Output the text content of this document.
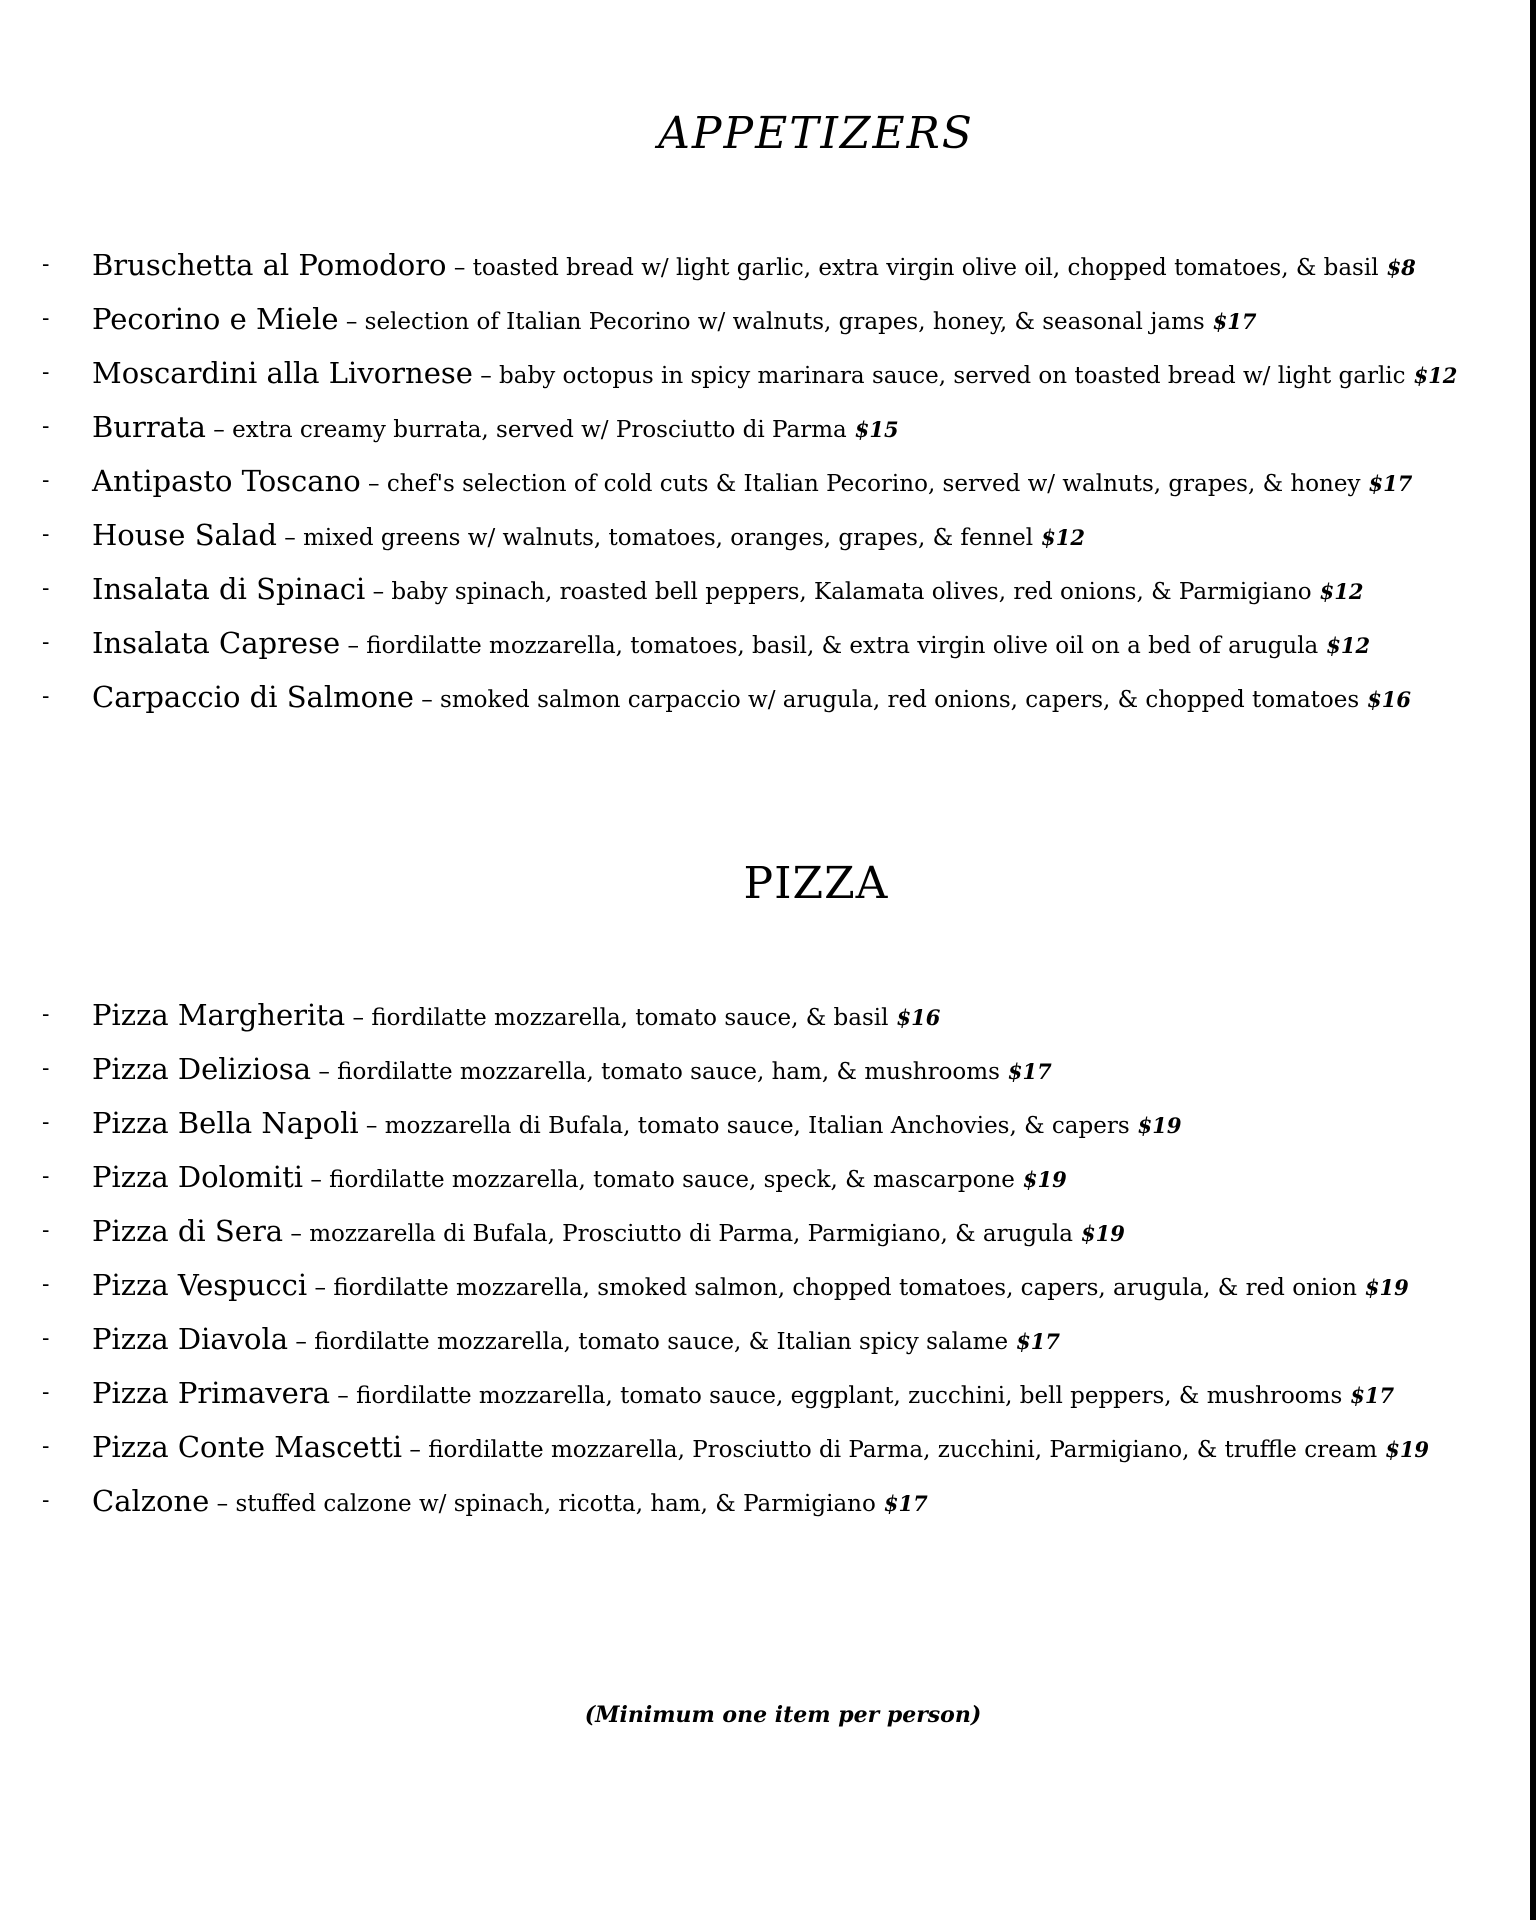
APPETIZERS
- Bruschetta al Pomodoro – toasted bread w/ light garlic, extra virgin olive oil, chopped tomatoes, & basil $8
- Pecorino e Miele – selection of Italian Pecorino w/ walnuts, grapes, honey, & seasonal jams $17
- Moscardini alla Livornese – baby octopus in spicy marinara sauce, served on toasted bread w/ light garlic $12
- Burrata – extra creamy burrata, served w/ Prosciutto di Parma $15
- Antipasto Toscano – chef's selection of cold cuts & Italian Pecorino, served w/ walnuts, grapes, & honey $17
- House Salad – mixed greens w/ walnuts, tomatoes, oranges, grapes, & fennel $12
- Insalata di Spinaci – baby spinach, roasted bell peppers, Kalamata olives, red onions, & Parmigiano $12
- Insalata Caprese – fiordilatte mozzarella, tomatoes, basil, & extra virgin olive oil on a bed of arugula $12
- Carpaccio di Salmone – smoked salmon carpaccio w/ arugula, red onions, capers, & chopped tomatoes $16
PIZZA
- Pizza Margherita – fiordilatte mozzarella, tomato sauce, & basil $16
- Pizza Deliziosa – fiordilatte mozzarella, tomato sauce, ham, & mushrooms $17
- Pizza Bella Napoli – mozzarella di Bufala, tomato sauce, Italian Anchovies, & capers $19
- Pizza Dolomiti – fiordilatte mozzarella, tomato sauce, speck, & mascarpone $19
- Pizza di Sera – mozzarella di Bufala, Prosciutto di Parma, Parmigiano, & arugula $19
- Pizza Vespucci – fiordilatte mozzarella, smoked salmon, chopped tomatoes, capers, arugula, & red onion $19
- Pizza Diavola – fiordilatte mozzarella, tomato sauce, & Italian spicy salame $17
- Pizza Primavera – fiordilatte mozzarella, tomato sauce, eggplant, zucchini, bell peppers, & mushrooms $17
- Pizza Conte Mascetti – fiordilatte mozzarella, Prosciutto di Parma, zucchini, Parmigiano, & truffle cream $19
- Calzone – stuffed calzone w/ spinach, ricotta, ham, & Parmigiano $17

(Minimum one item per person)
